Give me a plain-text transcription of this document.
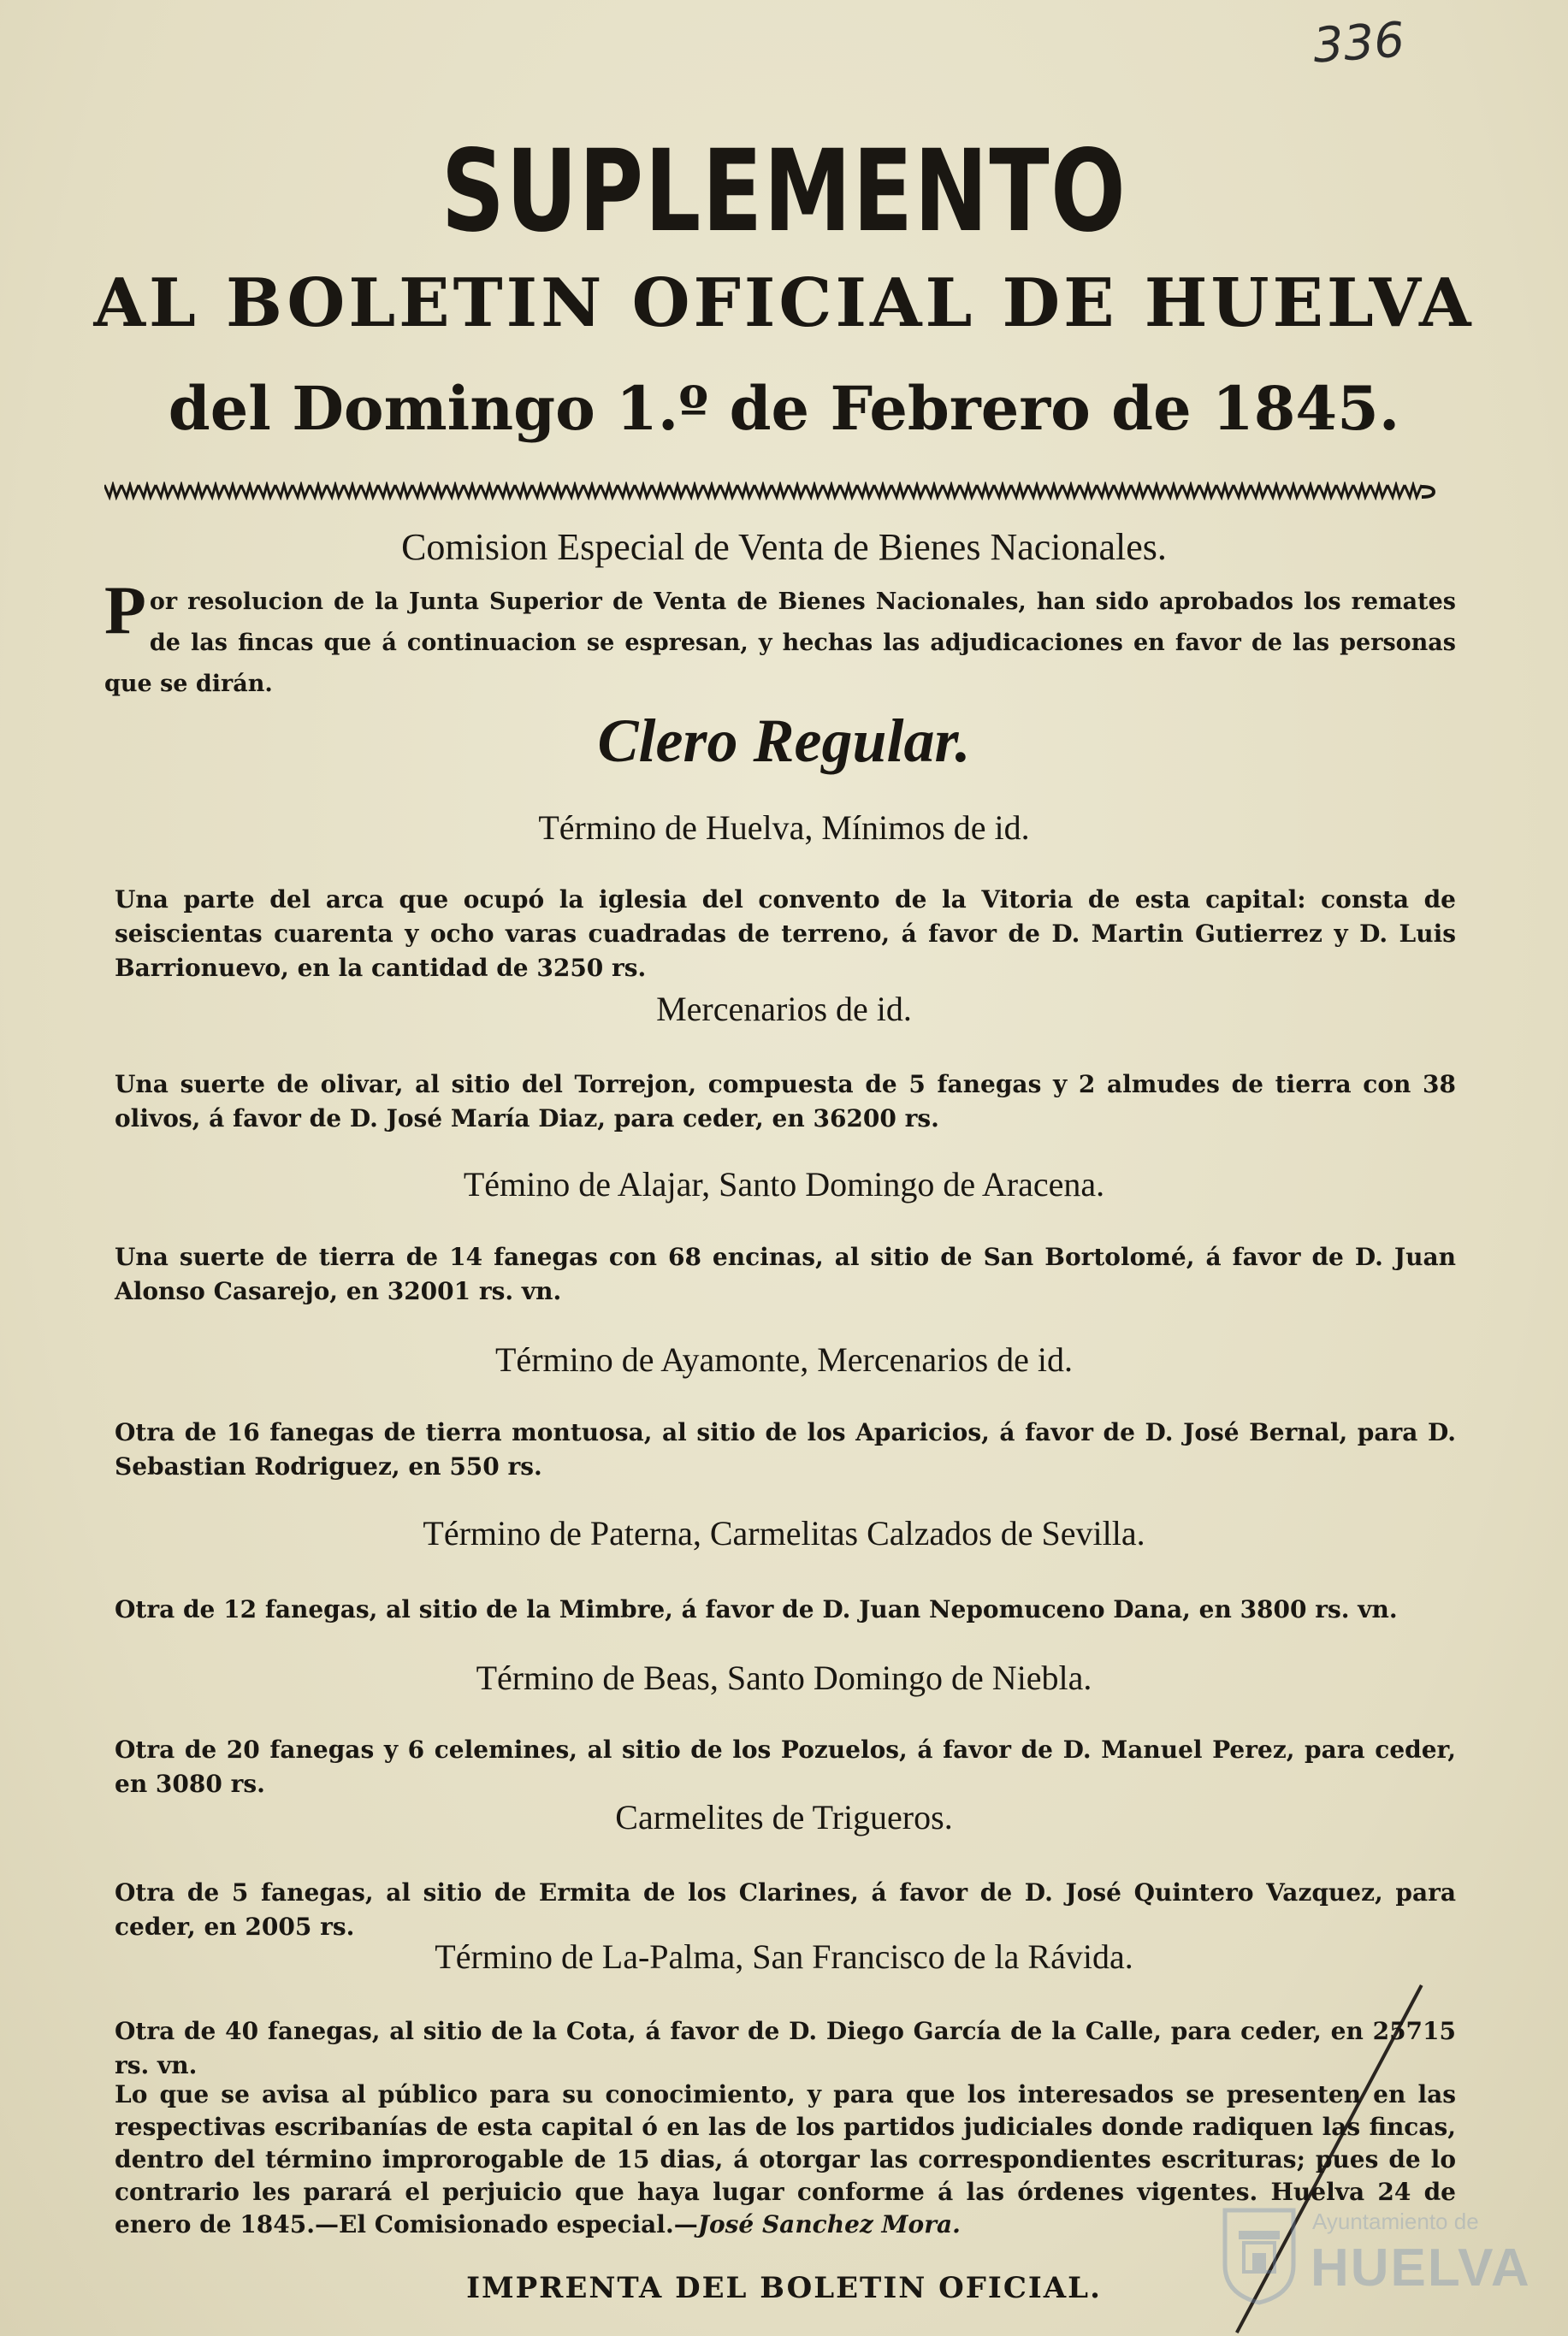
336
SUPLEMENTO
AL BOLETIN OFICIAL DE HUELVA
del Domingo 1.º de Febrero de 1845.
Comision Especial de Venta de Bienes Nacionales.
Por resolucion de la Junta Superior de Venta de Bienes Nacionales, han sido aprobados los remates de las fincas que á continuacion se espresan, y hechas las adjudicaciones en favor de las personas que se dirán.
Clero Regular.
Término de Huelva, Mínimos de id.
Una parte del arca que ocupó la iglesia del convento de la Vitoria de esta capital: consta de seiscientas cuarenta y ocho varas cuadradas de terreno, á favor de D. Martin Gutierrez y D. Luis Barrionuevo, en la cantidad de 3250 rs.
Mercenarios de id.
Una suerte de olivar, al sitio del Torrejon, compuesta de 5 fanegas y 2 almudes de tierra con 38 olivos, á favor de D. José María Diaz, para ceder, en 36200 rs.
Témino de Alajar, Santo Domingo de Aracena.
Una suerte de tierra de 14 fanegas con 68 encinas, al sitio de San Bortolomé, á favor de D. Juan Alonso Casarejo, en 32001 rs. vn.
Término de Ayamonte, Mercenarios de id.
Otra de 16 fanegas de tierra montuosa, al sitio de los Aparicios, á favor de D. José Bernal, para D. Sebastian Rodriguez, en 550 rs.
Término de Paterna, Carmelitas Calzados de Sevilla.
Otra de 12 fanegas, al sitio de la Mimbre, á favor de D. Juan Nepomuceno Dana, en 3800 rs. vn.
Término de Beas, Santo Domingo de Niebla.
Otra de 20 fanegas y 6 celemines, al sitio de los Pozuelos, á favor de D. Manuel Perez, para ceder, en 3080 rs.
Carmelites de Trigueros.
Otra de 5 fanegas, al sitio de Ermita de los Clarines, á favor de D. José Quintero Vazquez, para ceder, en 2005 rs.
Término de La-Palma, San Francisco de la Rávida.
Otra de 40 fanegas, al sitio de la Cota, á favor de D. Diego García de la Calle, para ceder, en 25715 rs. vn.
Lo que se avisa al público para su conocimiento, y para que los interesados se presenten en las respectivas escribanías de esta capital ó en las de los partidos judiciales donde radiquen las fincas, dentro del término improrogable de 15 dias, á otorgar las correspondientes escrituras; pues de lo contrario les parará el perjuicio que haya lugar conforme á las órdenes vigentes. Huelva 24 de enero de 1845.—El Comisionado especial.—José Sanchez Mora.
IMPRENTA DEL BOLETIN OFICIAL.
Ayuntamiento de
HUELVA
